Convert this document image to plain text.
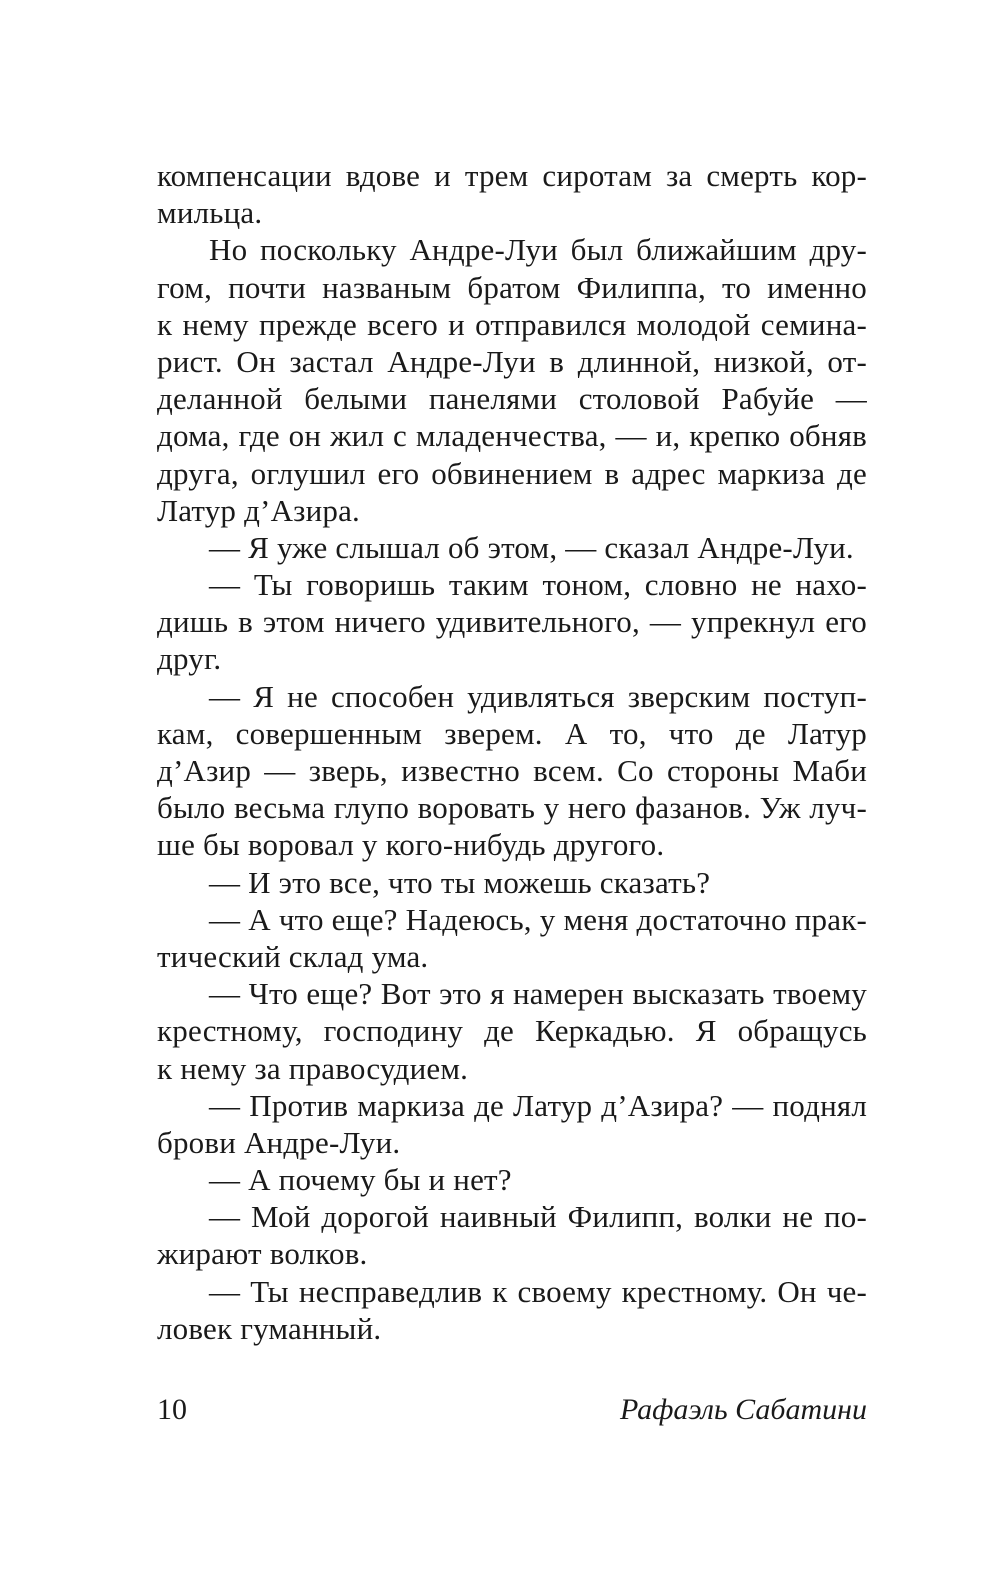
компенсации вдове и трем сиротам за смерть кор-
мильца.
Но поскольку Андре-Луи был ближайшим дру-
гом, почти названым братом Филиппа, то именно
к нему прежде всего и отправился молодой семина-
рист. Он застал Андре-Луи в длинной, низкой, от-
деланной белыми панелями столовой Рабуйе —
дома, где он жил с младенчества, — и, крепко обняв
друга, оглушил его обвинением в адрес маркиза де
Латур д’Азира.
— Я уже слышал об этом, — сказал Андре-Луи.
— Ты говоришь таким тоном, словно не нахо-
дишь в этом ничего удивительного, — упрекнул его
друг.
— Я не способен удивляться зверским поступ-
кам, совершенным зверем. А то, что де Латур
д’Азир — зверь, известно всем. Со стороны Маби
было весьма глупо воровать у него фазанов. Уж луч-
ше бы воровал у кого-нибудь другого.
— И это все, что ты можешь сказать?
— А что еще? Надеюсь, у меня достаточно прак-
тический склад ума.
— Что еще? Вот это я намерен высказать твоему
крестному, господину де Керкадью. Я обращусь
к нему за правосудием.
— Против маркиза де Латур д’Азира? — поднял
брови Андре-Луи.
— А почему бы и нет?
— Мой дорогой наивный Филипп, волки не по-
жирают волков.
— Ты несправедлив к своему крестному. Он че-
ловек гуманный.
10	Рафаэль Сабатини
